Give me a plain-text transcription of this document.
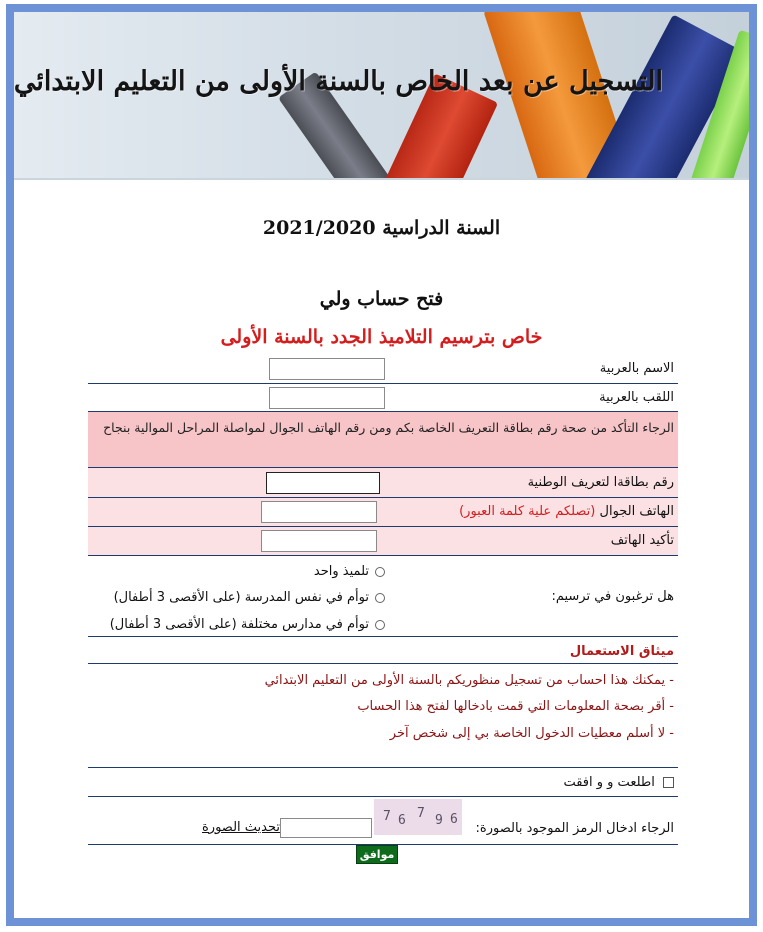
التسجيل عن بعد الخاص بالسنة الأولى من التعليم الابتدائي
السنة الدراسية 2021/2020
فتح حساب ولي
خاص بترسيم التلاميذ الجدد بالسنة الأولى
الاسم بالعربية
اللقب بالعربية
الرجاء التأكد من صحة رقم بطاقة التعريف الخاصة بكم ومن رقم الهاتف الجوال لمواصلة المراحل الموالية بنجاح
رقم بطاقةا لتعريف الوطنية
الهاتف الجوال (تصلكم علية كلمة العبور)
تأكيد الهاتف
هل ترغبون في ترسيم:
تلميذ واحد
توأم في نفس المدرسة (على الأقصى 3 أطفال)
توأم في مدارس مختلفة (على الأقصى 3 أطفال)
ميثاق الاستعمال
- يمكنك هذا احساب من تسجيل منظوريكم بالسنة الأولى من التعليم الابتدائي
- أقر بصحة المعلومات التي قمت بادخالها لفتح هذا الحساب
- لا أسلم معطيات الدخول الخاصة بي إلى شخص آخر
اطلعت و و افقت
الرجاء ادخال الرمز الموجود بالصورة:
6
9
7
6
7
تحديث الصورة
موافق
